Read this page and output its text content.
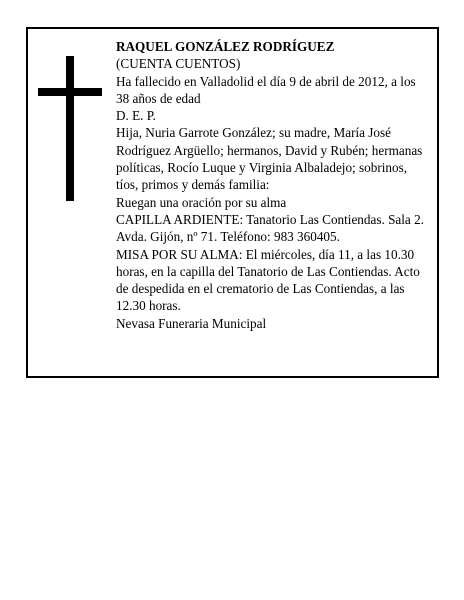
RAQUEL GONZÁLEZ RODRÍGUEZ

(CUENTA CUENTOS)

Ha fallecido en Valladolid el día 9 de abril de 2012, a los 38 años de edad

D. E. P.

Hija, Nuria Garrote González; su madre, María José Rodríguez Argüello; hermanos, David y Rubén; hermanas políticas, Rocío Luque y Virginia Albaladejo; sobrinos, tíos, primos y demás familia:

Ruegan una oración por su alma

CAPILLA ARDIENTE: Tanatorio Las Contiendas. Sala 2. Avda. Gijón, nº 71. Teléfono: 983 360405.

MISA POR SU ALMA: El miércoles, día 11, a las 10.30 horas, en la capilla del Tanatorio de Las Contiendas. Acto de despedida en el crematorio de Las Contiendas, a las 12.30 horas.

Nevasa Funeraria Municipal
